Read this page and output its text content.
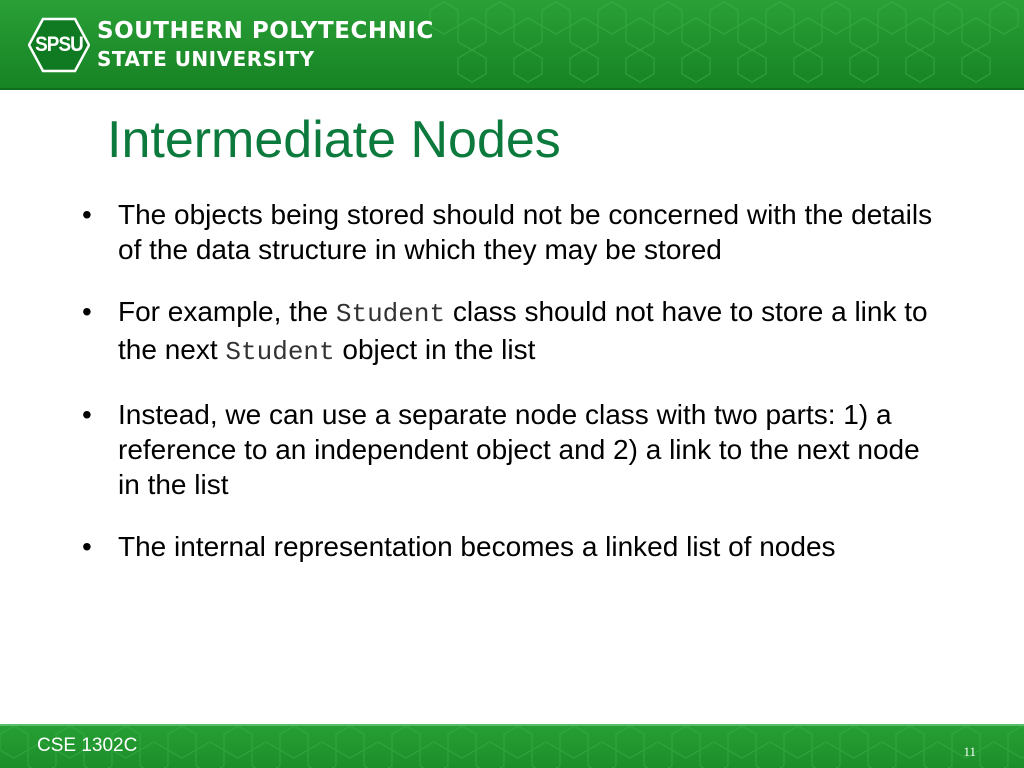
SPSU
SOUTHERN POLYTECHNIC
STATE UNIVERSITY
Intermediate Nodes
• The objects being stored should not be concerned with the details of the data structure in which they may be stored
• For example, the Student class should not have to store a link to the next Student object in the list
• Instead, we can use a separate node class with two parts: 1) a reference to an independent object and 2) a link to the next node in the list
• The internal representation becomes a linked list of nodes
CSE 1302C	11
